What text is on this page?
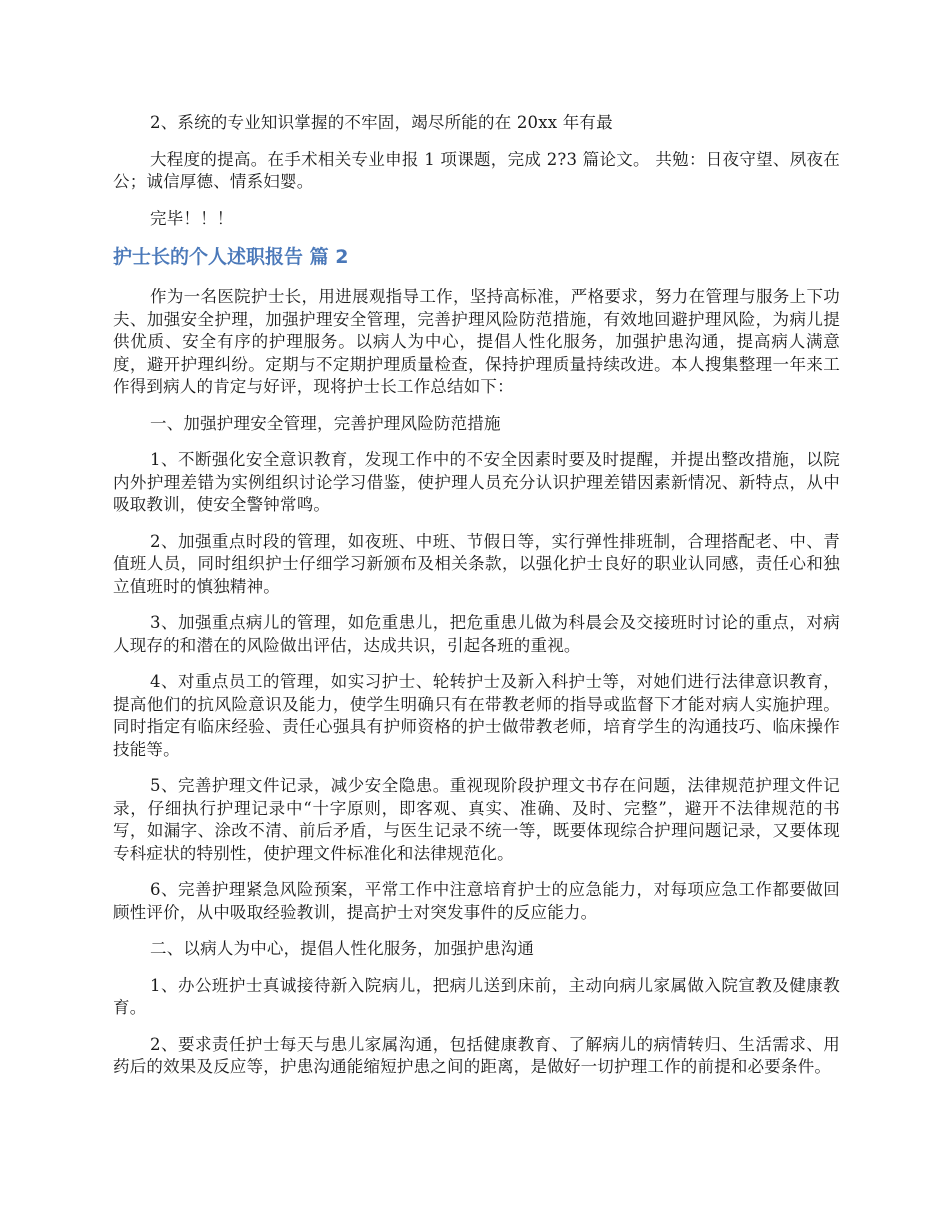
2、系统的专业知识掌握的不牢固，竭尽所能的在 20xx 年有最

大程度的提高。在手术相关专业申报 1 项课题，完成 2?3 篇论文。 共勉：日夜守望、夙夜在公；诚信厚德、情系妇婴。

完毕！！！

护士长的个人述职报告 篇 2

作为一名医院护士长，用进展观指导工作，坚持高标准，严格要求，努力在管理与服务上下功夫、加强安全护理，加强护理安全管理，完善护理风险防范措施，有效地回避护理风险，为病儿提供优质、安全有序的护理服务。以病人为中心，提倡人性化服务，加强护患沟通，提高病人满意度，避开护理纠纷。定期与不定期护理质量检查，保持护理质量持续改进。本人搜集整理一年来工作得到病人的肯定与好评，现将护士长工作总结如下：

一、加强护理安全管理，完善护理风险防范措施

1、不断强化安全意识教育，发现工作中的不安全因素时要及时提醒，并提出整改措施，以院内外护理差错为实例组织讨论学习借鉴，使护理人员充分认识护理差错因素新情况、新特点，从中吸取教训，使安全警钟常鸣。

2、加强重点时段的管理，如夜班、中班、节假日等，实行弹性排班制，合理搭配老、中、青值班人员，同时组织护士仔细学习新颁布及相关条款，以强化护士良好的职业认同感，责任心和独立值班时的慎独精神。

3、加强重点病儿的管理，如危重患儿，把危重患儿做为科晨会及交接班时讨论的重点，对病人现存的和潜在的风险做出评估，达成共识，引起各班的重视。

4、对重点员工的管理，如实习护士、轮转护士及新入科护士等，对她们进行法律意识教育，提高他们的抗风险意识及能力，使学生明确只有在带教老师的指导或监督下才能对病人实施护理。同时指定有临床经验、责任心强具有护师资格的护士做带教老师，培育学生的沟通技巧、临床操作技能等。

5、完善护理文件记录，减少安全隐患。重视现阶段护理文书存在问题，法律规范护理文件记录，仔细执行护理记录中“十字原则，即客观、真实、准确、及时、完整”，避开不法律规范的书写，如漏字、涂改不清、前后矛盾，与医生记录不统一等，既要体现综合护理问题记录，又要体现专科症状的特别性，使护理文件标准化和法律规范化。

6、完善护理紧急风险预案，平常工作中注意培育护士的应急能力，对每项应急工作都要做回顾性评价，从中吸取经验教训，提高护士对突发事件的反应能力。

二、以病人为中心，提倡人性化服务，加强护患沟通

1、办公班护士真诚接待新入院病儿，把病儿送到床前，主动向病儿家属做入院宣教及健康教育。

2、要求责任护士每天与患儿家属沟通，包括健康教育、了解病儿的病情转归、生活需求、用药后的效果及反应等，护患沟通能缩短护患之间的距离，是做好一切护理工作的前提和必要条件。
